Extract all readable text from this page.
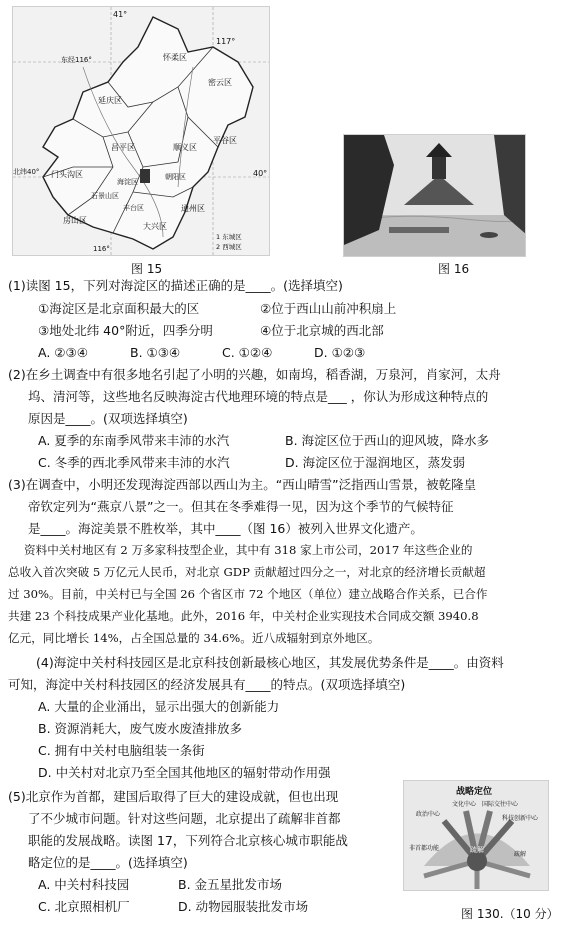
41°
117°
40°
东经116°
北纬40°
116°
怀柔区
密云区
延庆区
昌平区
平谷区
顺义区
门头沟区
海淀区
朝阳区
石景山区
丰台区	通州区
房山区
大兴区
1 东城区
2 西城区
图 15	图 16
(1)读图 15，下列对海淀区的描述正确的是____。(选择填空)
①海淀区是北京面积最大的区	②位于西山山前冲积扇上
③地处北纬 40°附近，四季分明	④位于北京城的西北部
A. ②③④	B. ①③④	C. ①②④	D. ①②③
(2)在乡土调查中有很多地名引起了小明的兴趣，如南坞，稻香湖，万泉河，肖家河，太舟
坞、清河等，这些地名反映海淀古代地理环境的特点是___ ，你认为形成这种特点的
原因是____。(双项选择填空)
A. 夏季的东南季风带来丰沛的水汽	B. 海淀区位于西山的迎风坡，降水多
C. 冬季的西北季风带来丰沛的水汽	D. 海淀区位于湿润地区，蒸发弱
(3)在调查中，小明还发现海淀西部以西山为主。“西山晴雪”泛指西山雪景，被乾隆皇
帝钦定列为“燕京八景”之一。但其在冬季难得一见，因为这个季节的气候特征
是____。海淀美景不胜枚举，其中____（图 16）被列入世界文化遗产。
资料中关村地区有 2 万多家科技型企业，其中有 318 家上市公司，2017 年这些企业的
总收入首次突破 5 万亿元人民币，对北京 GDP 贡献超过四分之一，对北京的经济增长贡献超
过 30%。目前，中关村已与全国 26 个省区市 72 个地区（单位）建立战略合作关系，已合作
共建 23 个科技成果产业化基地。此外，2016 年，中关村企业实现技术合同成交额 3940.8
亿元，同比增长 14%，占全国总量的 34.6%。近八成辐射到京外地区。
(4)海淀中关村科技园区是北京科技创新最核心地区，其发展优势条件是____。由资料
可知，海淀中关村科技园区的经济发展具有____的特点。(双项选择填空)
A. 大量的企业涌出，显示出强大的创新能力
B. 资源消耗大，废气废水废渣排放多
C. 拥有中关村电脑组装一条街
D. 中关村对北京乃至全国其他地区的辐射带动作用强
(5)北京作为首都，建国后取得了巨大的建设成就，但也出现
了不少城市问题。针对这些问题，北京提出了疏解非首都
职能的发展战略。读图 17，下列符合北京核心城市职能战
略定位的是____。(选择填空)
A. 中关村科技园	B. 金五星批发市场
C. 北京照相机厂	D. 动物园服装批发市场
战略定位
政治中心
文化中心 国际交往中心
科技创新中心
非首都功能	疏解
疏解
图 130.（10 分）
